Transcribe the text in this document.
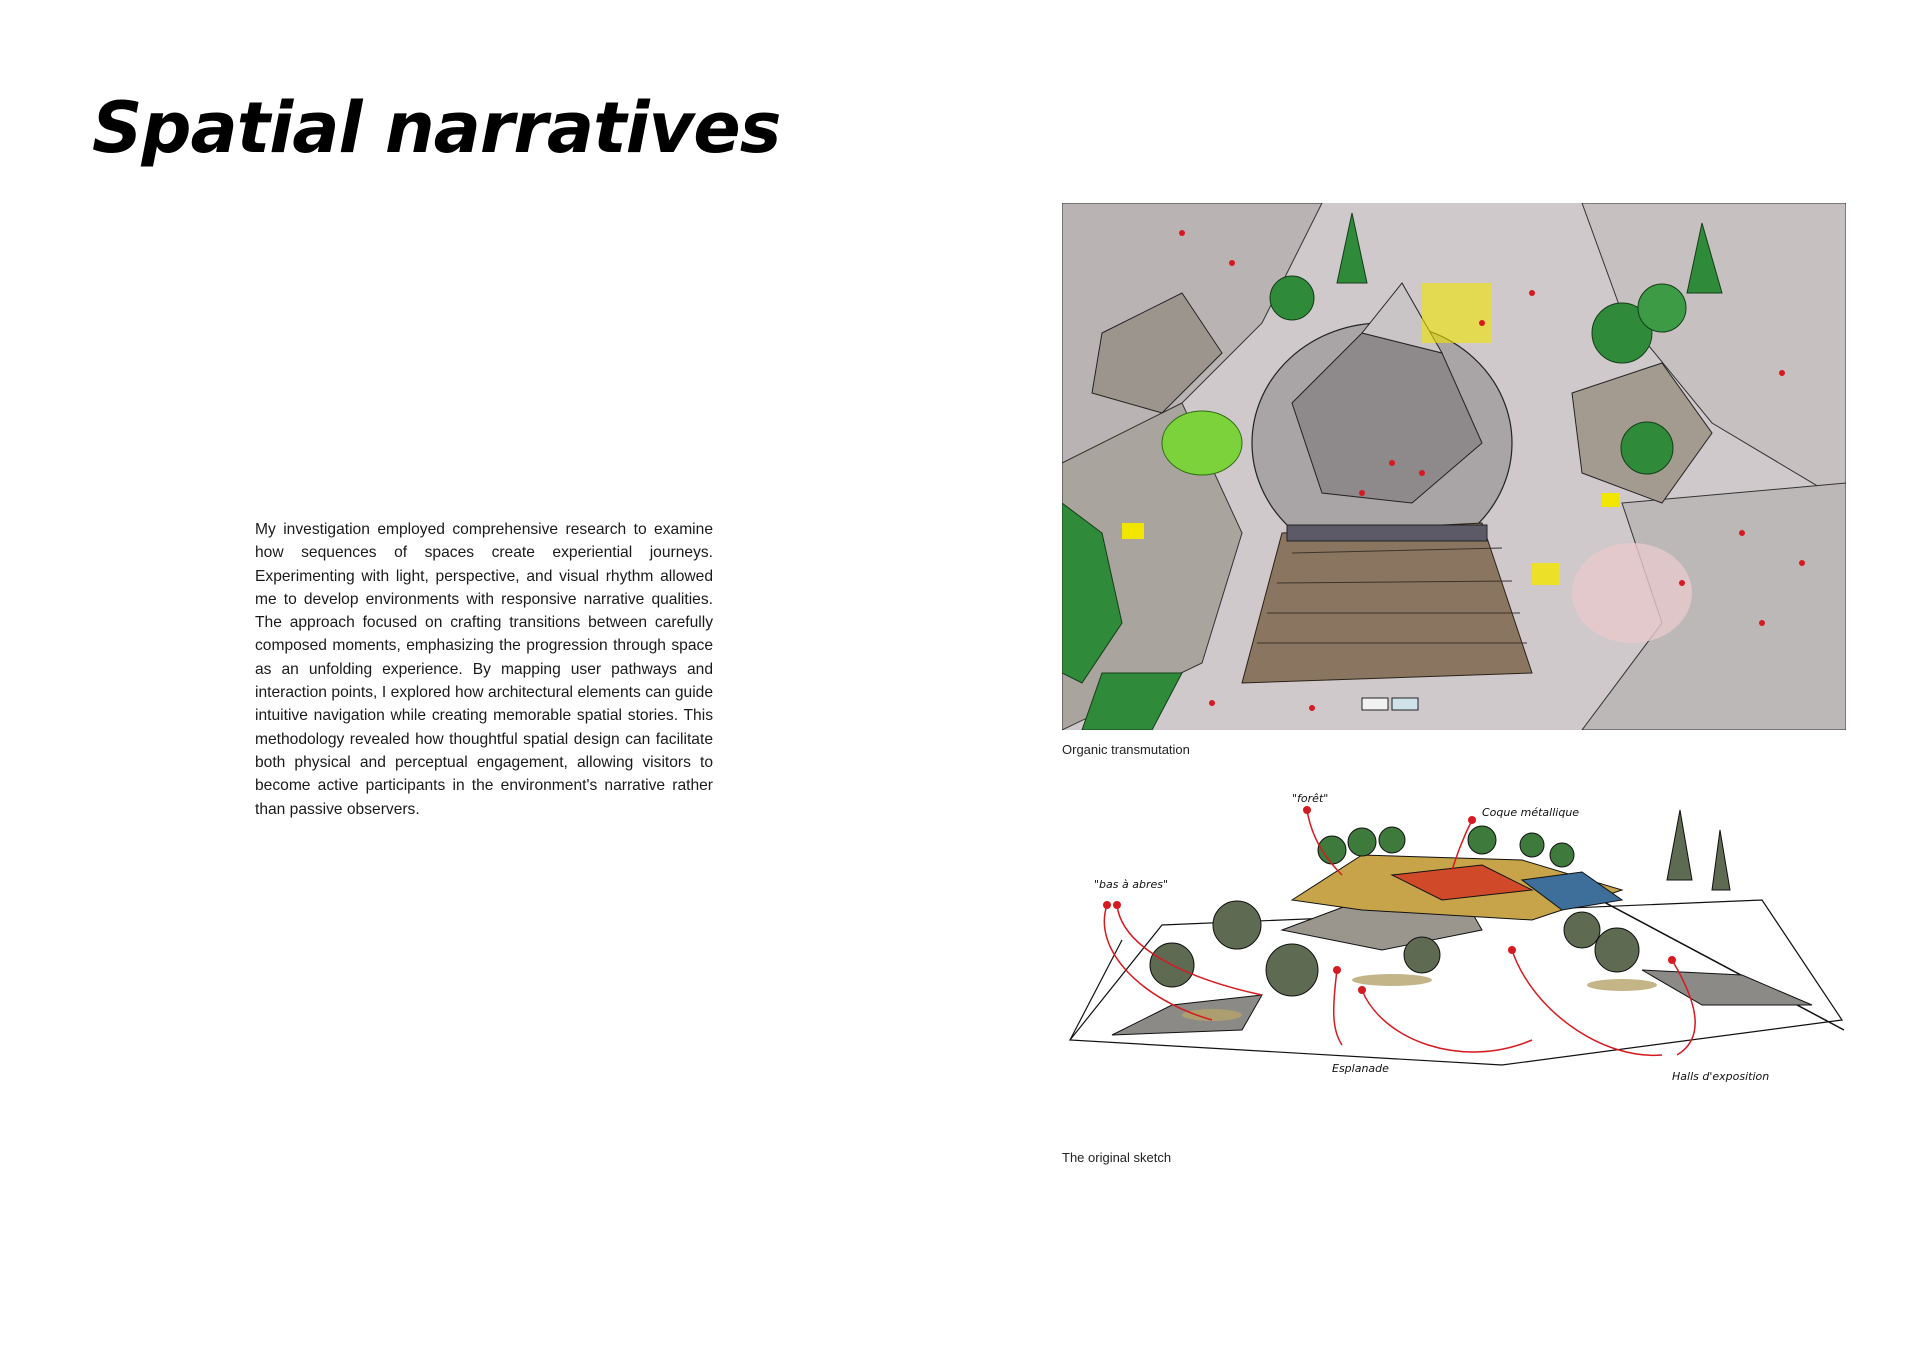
Spatial narratives

My investigation employed comprehensive research to examine how sequences of spaces create experiential journeys. Experimenting with light, perspective, and visual rhythm allowed me to develop environments with responsive narrative qualities. The approach focused on crafting transitions between carefully composed moments, emphasizing the progression through space as an unfolding experience. By mapping user pathways and interaction points, I explored how architectural elements can guide intuitive navigation while creating memorable spatial stories. This methodology revealed how thoughtful spatial design can facilitate both physical and perceptual engagement, allowing visitors to become active participants in the environment's narrative rather than passive observers.

Organic transmutation

"bas à abres"
"forêt"
Coque métallique
Esplanade
Halls d'exposition

The original sketch
